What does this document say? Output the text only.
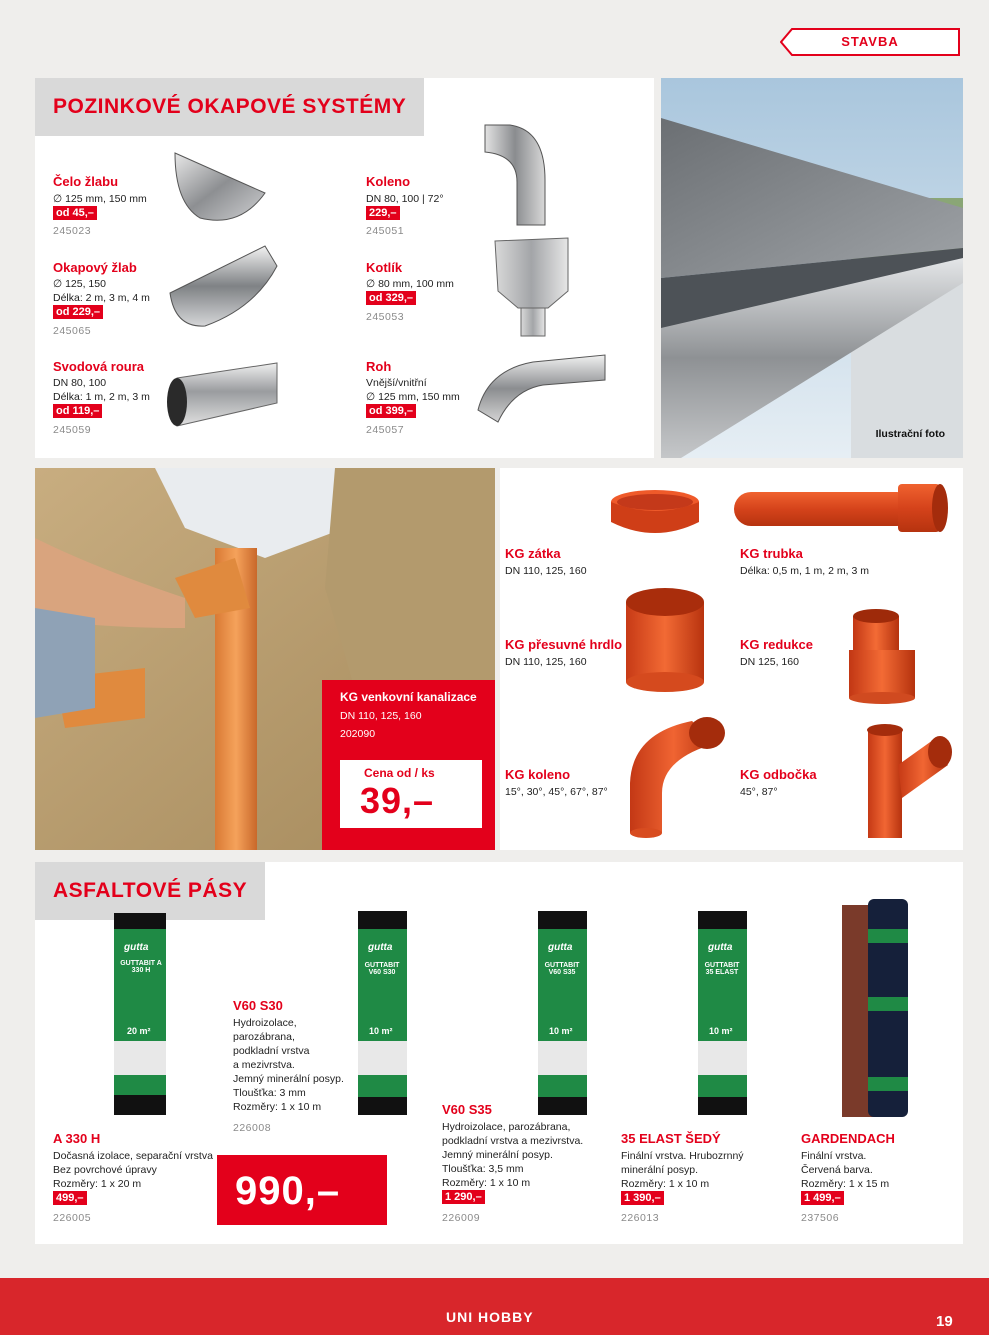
STAVBA
POZINKOVÉ OKAPOVÉ SYSTÉMY
Čelo žlabu
∅ 125 mm, 150 mm
od 45,–
245023
Okapový žlab
∅ 125, 150
Délka: 2 m, 3 m, 4 m
od 229,–
245065
Svodová roura
DN 80, 100
Délka: 1 m, 2 m, 3 m
od 119,–
245059
Koleno
DN 80, 100 | 72°
229,–
245051
Kotlík
∅ 80 mm, 100 mm
od 329,–
245053
Roh
Vnější/vnitřní
∅ 125 mm, 150 mm
od 399,–
245057	Ilustrační foto
KG venkovní kanalizace
DN 110, 125, 160
202090
Cena od / ks
39,–
KG zátka
DN 110, 125, 160
KG trubka
Délka: 0,5 m, 1 m, 2 m, 3 m
KG přesuvné hrdlo
DN 110, 125, 160
KG redukce
DN 125, 160
KG koleno
15°, 30°, 45°, 67°, 87°
KG odbočka
45°, 87°
ASFALTOVÉ PÁSY
gutta
GUTTABIT A 330 H
20 m²
gutta
GUTTABIT V60 S30
10 m²
gutta
GUTTABIT V60 S35
10 m²
gutta
GUTTABIT 35 ELAST
10 m²
A 330 H
Dočasná izolace, separační vrstva
Bez povrchové úpravy
Rozměry: 1 x 20 m
499,–
226005
V60 S30
Hydroizolace,
parozábrana,
podkladní vrstva
a mezivrstva.
Jemný minerální posyp.
Tloušťka: 3 mm
Rozměry: 1 x 10 m
226008
V60 S35
Hydroizolace, parozábrana,
podkladní vrstva a mezivrstva.
Jemný minerální posyp.
Tloušťka: 3,5 mm
Rozměry: 1 x 10 m
1 290,–
226009
35 ELAST ŠEDÝ
Finální vrstva. Hrubozrnný
minerální posyp.
Rozměry: 1 x 10 m
1 390,–
226013
GARDENDACH
Finální vrstva.
Červená barva.
Rozměry: 1 x 15 m
1 499,–
237506
990,–
UNI HOBBY	19
